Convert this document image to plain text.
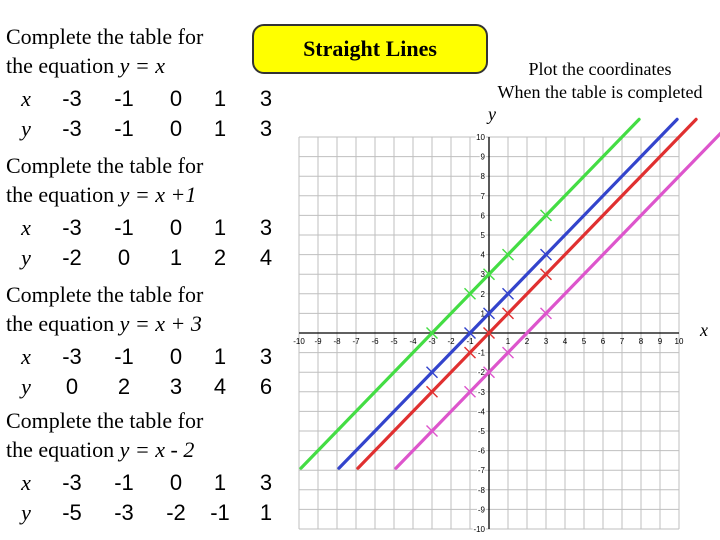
-10 -9 -8 -7 -6 -5 -4 -3 -2 -1	1 2 3 4 5 6 7 8 9 10
-10
-9
-8
-7
-6
-5
-4
-3
-2
-1
1
2
3
4
5
6
7
8
9
10
Straight Lines
Plot the coordinates
When the table is completed
y
x
Complete the table for
the equation y = x
x	-3	-1	0	1	3
y	-3	-1	0	1	3
Complete the table for
the equation y = x +1
x	-3	-1	0	1	3
y	-2	0	1	2	4
Complete the table for
the equation y = x + 3
x	-3	-1	0	1	3
y	0	2	3	4	6
Complete the table for
the equation y = x - 2
x	-3	-1	0	1	3
y	-5	-3	-2	-1	1
